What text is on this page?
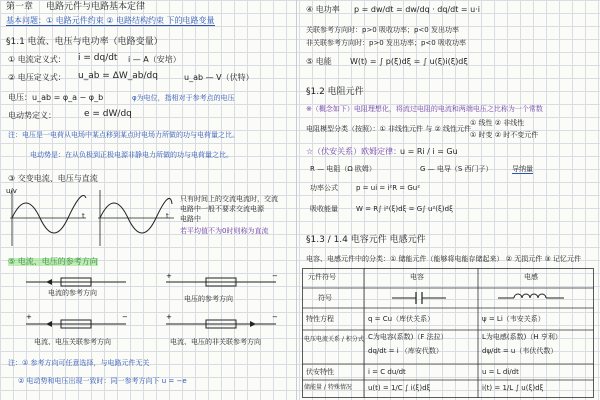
第一章 电路元件与电路基本定律
基本问题：① 电路元件约束 ② 电路结构约束 下的电路变量
§1.1 电流、电压与电功率（电路变量）
① 电流定义式： i = dq/dt i — A（安培）
② 电压定义式： u_ab = ΔW_ab/dq	u_ab — V（伏特）
电压：u_ab = φ_a − φ_b	φ为电位，指相对于参考点的电压
电动势定义：	e = dW/dq
注：电压是一电荷从电场中某点移到某点时电场力所做的功与电荷量之比。
电动势是：在从负极到正极电源非静电力所做的功与电荷量之比。
③ 交变电流、电压与直流
u/v
t	t
只有时间上的交流电流时，交流
电路中一般不要求交流电源
电路中
若平均值不为0时则称为直流
⑤ 电流、电压的参考方向
+	−
+	−	+	−
电流的参考方向
电压的参考方向
电流、电压关联参考方向	电流、电压的非关联参考方向
注：① 参考方向可任意选择，与电路元件无关
② 电动势和电压出现一致时：同一参考方向下 u = −e
④ 电功率 p = dw/dt = dw/dq · dq/dt = u·i
关联参考方向时：p>0 吸收功率；p<0 发出功率
非关联参考方向时：p>0 发出功率；p<0 吸收功率
⑤ 电能 W(t) = ∫ p(ξ)dξ = ∫ u(ξ)i(ξ)dξ
§1.2 电阻元件
※（概念如下）电阻理想化，将流过电阻的电流和两端电压之比称为一个常数
电阻模型分类（按照）：① 非线性元件 与 ② 线性元件
① 线性 ② 非线性
① 时变 ② 时不变元件
☆（伏安关系）欧姆定律：
u = Ri / i = Gu
R — 电阻（Ω 欧姆）	G — 电导（S 西门子）	导纳量
功率公式	p = ui = i²R = Gu²
吸收能量	W = R∫ i²(ξ)dξ = G∫ u²(ξ)dξ
§1.3 / 1.4 电容元件 电感元件
电容、电感元件中的分类：① 储能元件（能够将电能存储起来） ② 无损元件 ③ 记忆元件
元件符号	电容	电感
符号
特性方程	q = Cu（库伏关系）	ψ = Li（韦安关系）
电压电流关系 / 积分式 C为电容(系数)（F 法拉）	L为电感(系数)（H 亨利）
dq/dt = i （库安代数）	dψ/dt = u（韦伏代数）
伏安特性	i = C du/dt	u = L di/dt
储能量 / 特殊情况 u(t) = 1/C ∫ i(ξ)dξ	i(t) = 1/L ∫ u(ξ)dξ
